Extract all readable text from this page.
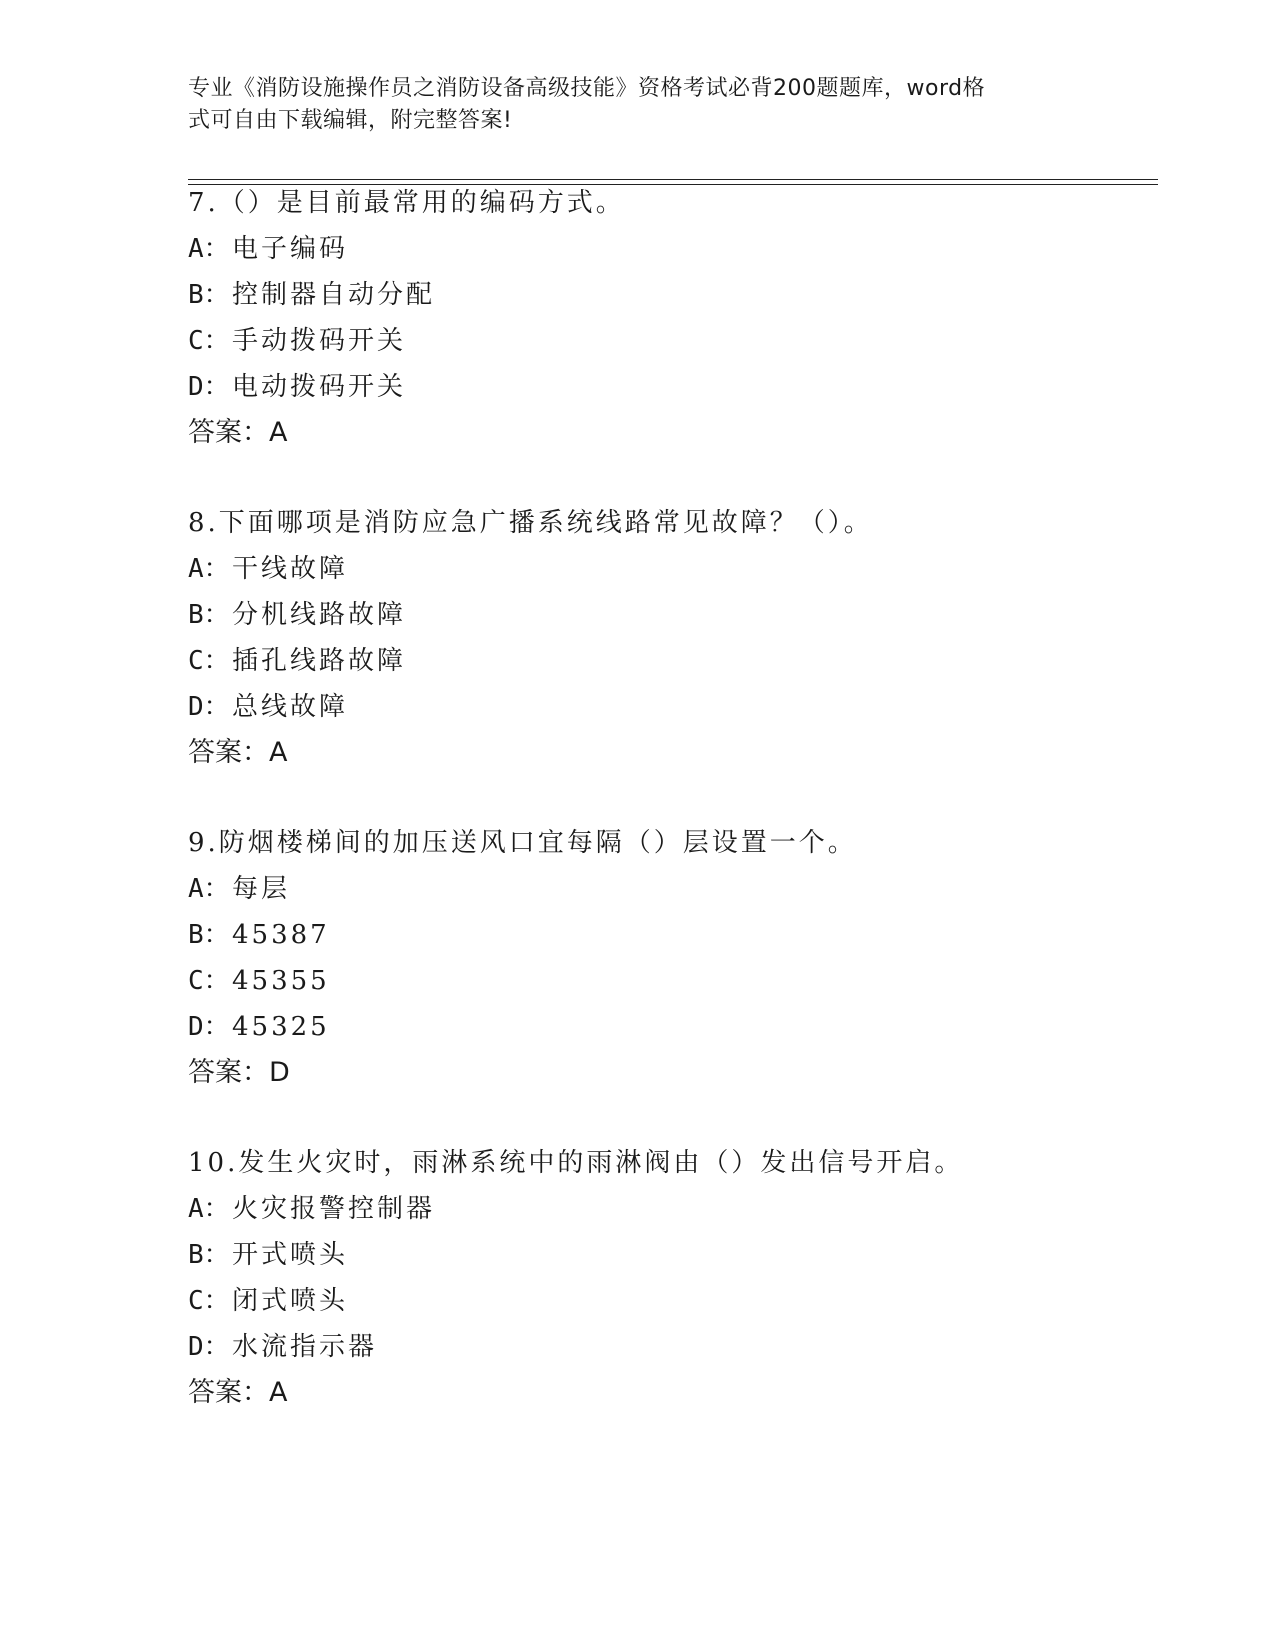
专业《消防设施操作员之消防设备高级技能》资格考试必背200题题库，word格
式可自由下载编辑，附完整答案!
7.（）是目前最常用的编码方式。
A： 电子编码
B： 控制器自动分配
C： 手动拨码开关
D： 电动拨码开关
答案：A
8.下面哪项是消防应急广播系统线路常见故障？（）。
A： 干线故障
B： 分机线路故障
C： 插孔线路故障
D： 总线故障
答案：A
9.防烟楼梯间的加压送风口宜每隔（）层设置一个。
A： 每层
B： 45387
C： 45355
D： 45325
答案：D
10.发生火灾时，雨淋系统中的雨淋阀由（）发出信号开启。
A： 火灾报警控制器
B： 开式喷头
C： 闭式喷头
D： 水流指示器
答案：A
